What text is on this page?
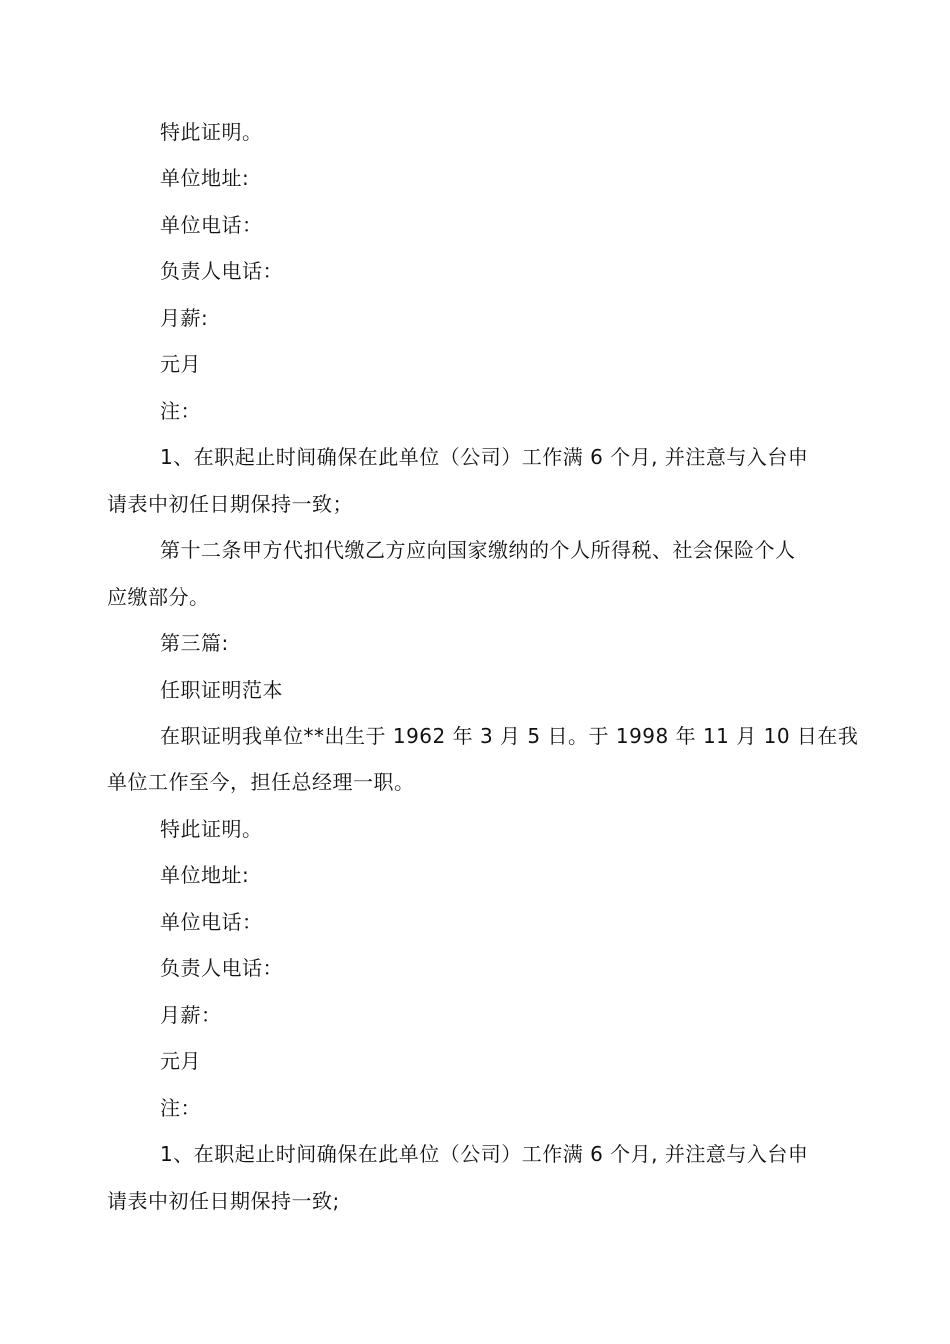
特此证明。
单位地址:
单位电话：
负责人电话：
月薪:
元月
注：
1、在职起止时间确保在此单位（公司）工作满 6 个月, 并注意与入台申
请表中初任日期保持一致；
第十二条甲方代扣代缴乙方应向国家缴纳的个人所得税、社会保险个人
应缴部分。
第三篇:
任职证明范本
在职证明我单位**出生于 1962 年 3 月 5 日。于 1998 年 11 月 10 日在我
单位工作至今，担任总经理一职。
特此证明。
单位地址:
单位电话：
负责人电话：
月薪：
元月
注：
1、在职起止时间确保在此单位（公司）工作满 6 个月, 并注意与入台申
请表中初任日期保持一致;
